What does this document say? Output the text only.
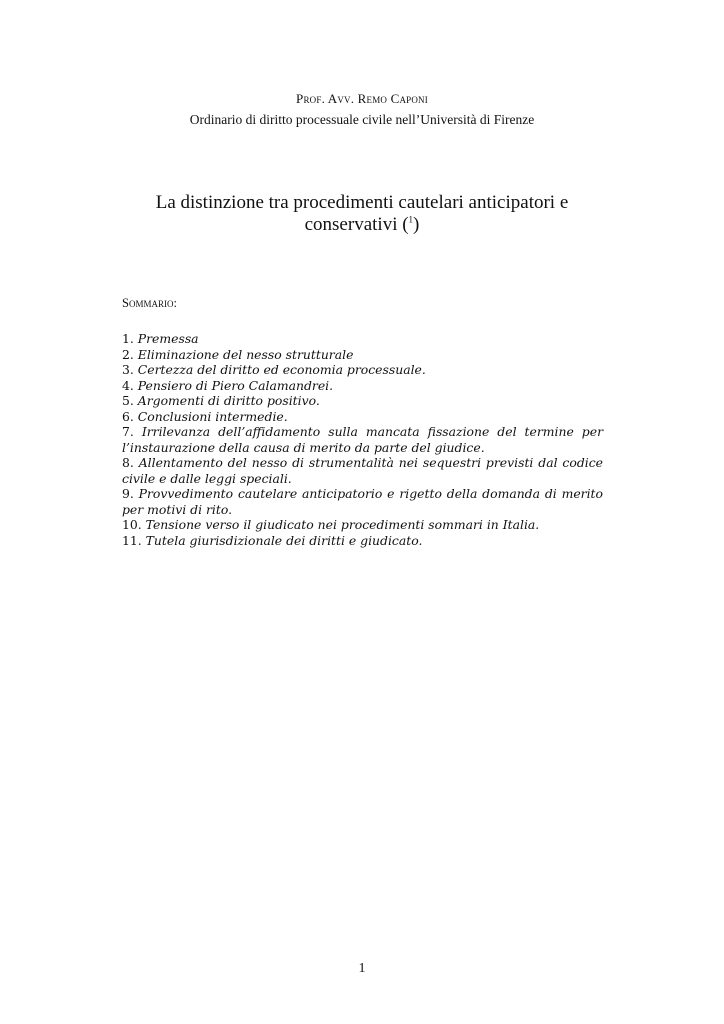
Prof. Avv. Remo Caponi
Ordinario di diritto processuale civile nell’Università di Firenze
La distinzione tra procedimenti cautelari anticipatori e conservativi ($^1$)
Sommario:
1. Premessa
2. Eliminazione del nesso strutturale
3. Certezza del diritto ed economia processuale.
4. Pensiero di Piero Calamandrei.
5. Argomenti di diritto positivo.
6. Conclusioni intermedie.
7. Irrilevanza dell’affidamento sulla mancata fissazione del termine per l’instaurazione della causa di merito da parte del giudice.
8. Allentamento del nesso di strumentalità nei sequestri previsti dal codice civile e dalle leggi speciali.
9. Provvedimento cautelare anticipatorio e rigetto della domanda di merito per motivi di rito.
10. Tensione verso il giudicato nei procedimenti sommari in Italia.
11. Tutela giurisdizionale dei diritti e giudicato.
1
